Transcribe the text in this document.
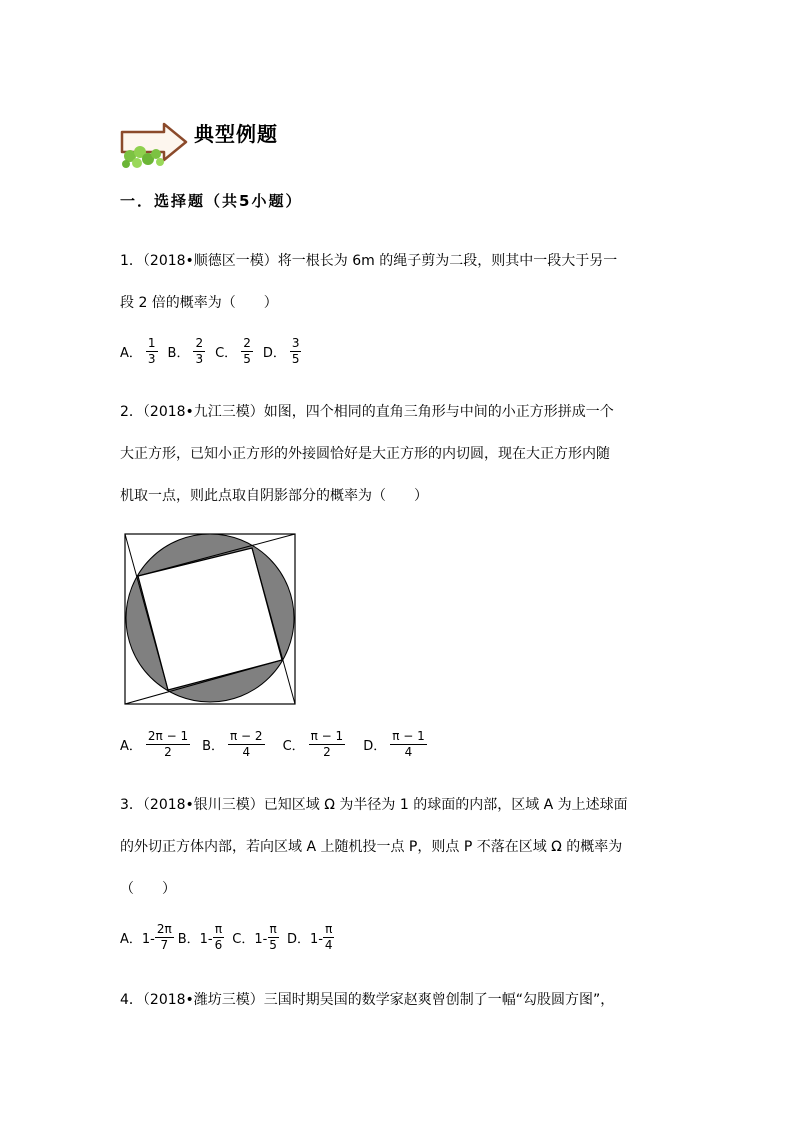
典型例题
一．选择题（共5小题）
1．（2018•顺德区一模）将一根长为 6m 的绳子剪为二段，则其中一段大于另一
段 2 倍的概率为（　　）
A． $\frac{1}{3}$ B． $\frac{2}{3}$ C． $\frac{2}{5}$ D． $\frac{3}{5}$
2．（2018•九江三模）如图，四个相同的直角三角形与中间的小正方形拼成一个
大正方形，已知小正方形的外接圆恰好是大正方形的内切圆，现在大正方形内随
机取一点，则此点取自阴影部分的概率为（　　）
A． $\frac{2\pi - 1}{2}$ B． $\frac{\pi - 2}{4}$ C． $\frac{\pi - 1}{2}$ D． $\frac{\pi - 1}{4}$
3．（2018•银川三模）已知区域 Ω 为半径为 1 的球面的内部，区域 A 为上述球面
的外切正方体内部，若向区域 A 上随机投一点 P，则点 P 不落在区域 Ω 的概率为
（　　）
A．$1- \frac{2\pi}{7}$ B．$1- \frac{\pi}{6}$ C．$1- \frac{\pi}{5}$ D．$1- \frac{\pi}{4}$
4．（2018•潍坊三模）三国时期吴国的数学家赵爽曾创制了一幅“勾股圆方图”，
